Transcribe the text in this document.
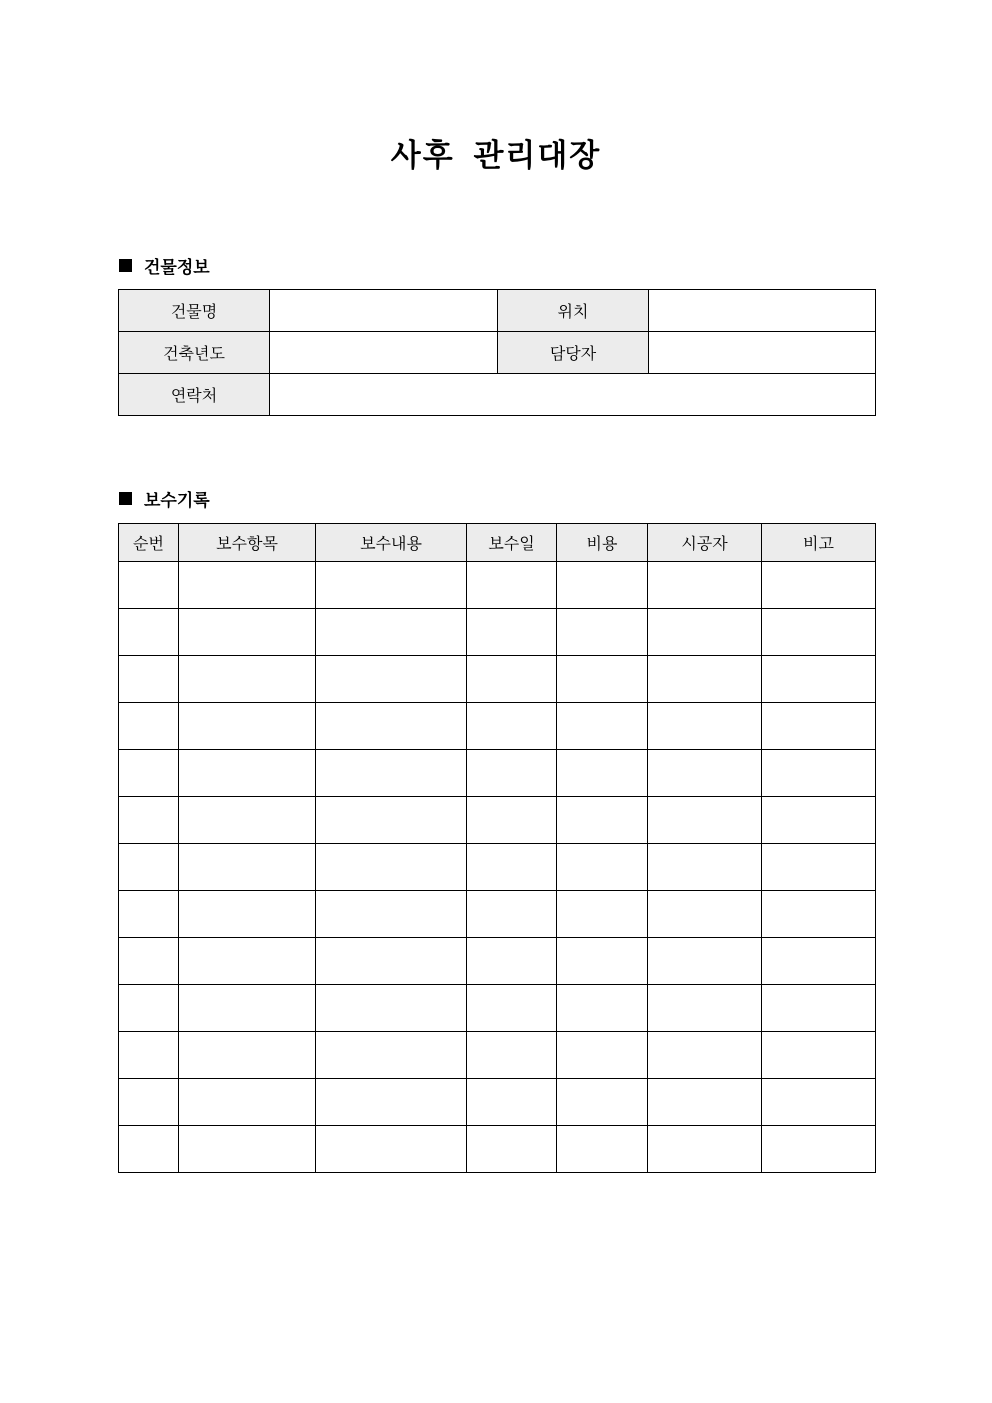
사후 관리대장
건물정보
건물명		위치	
건축년도		담당자	
연락처			
보수기록
순번	보수항목	보수내용	보수일	비용	시공자	비고
